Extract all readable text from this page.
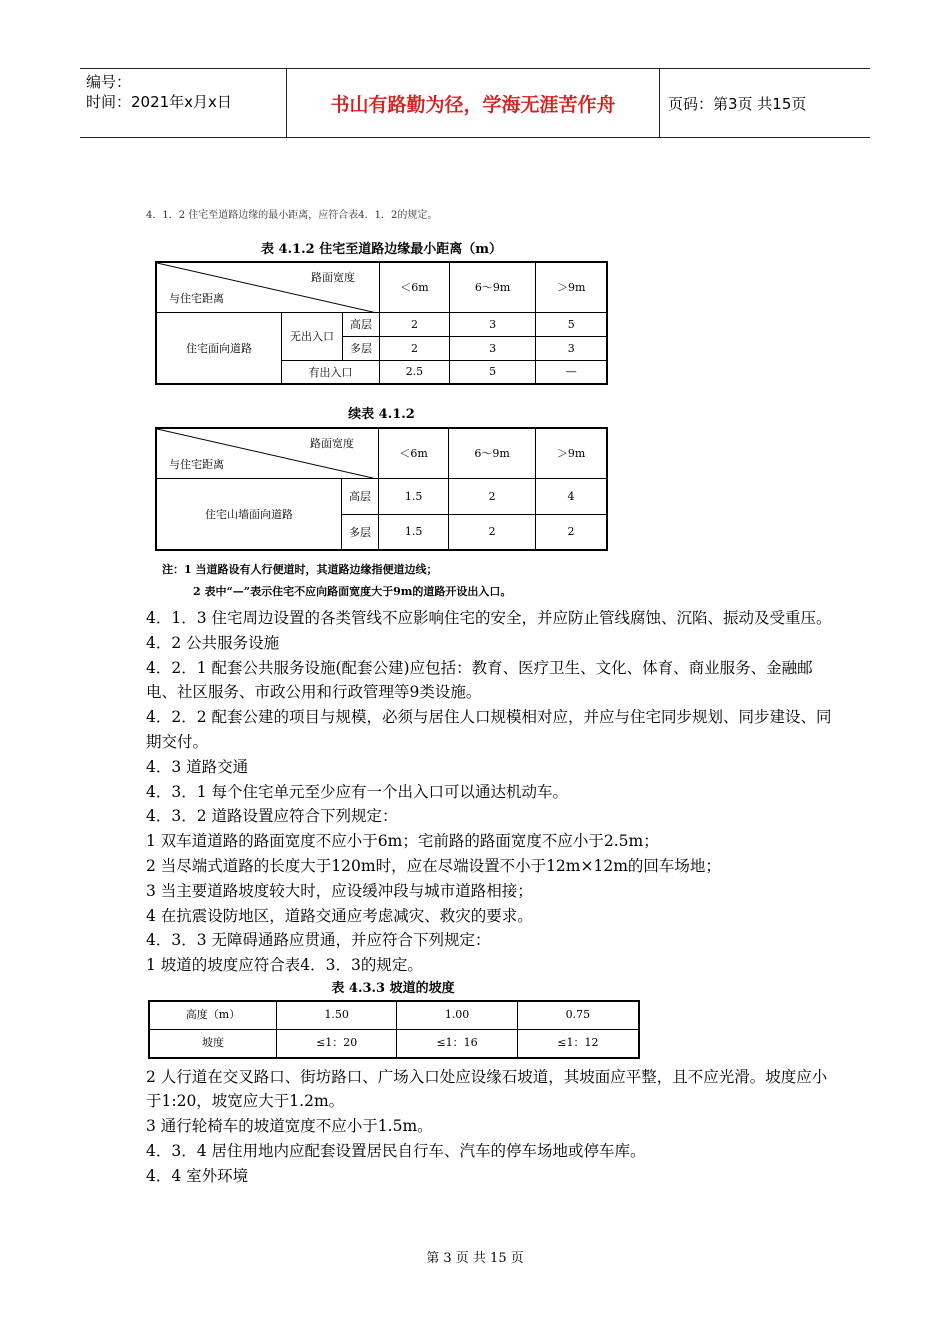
编号：
时间：2021年x月x日	书山有路勤为径，学海无涯苦作舟	页码：第3页 共15页
4．1．2 住宅至道路边缘的最小距离，应符合表4．1．2的规定。
表 4.1.2 住宅至道路边缘最小距离（m）
路面宽度
与住宅距离			＜6m	6～9m	＞9m
住宅面向道路	无出入口	高层	2	3	5
		多层	2	3	3
	有出入口		2.5	5	—
续表 4.1.2
路面宽度
与住宅距离		＜6m	6～9m	＞9m
住宅山墙面向道路	高层	1.5	2	4
	多层	1.5	2	2
注：1 当道路设有人行便道时，其道路边缘指便道边线；
2 表中“—”表示住宅不应向路面宽度大于9m的道路开设出入口。

4．1．3 住宅周边设置的各类管线不应影响住宅的安全，并应防止管线腐蚀、沉陷、振动及受重压。

4．2 公共服务设施

4．2．1 配套公共服务设施(配套公建)应包括：教育、医疗卫生、文化、体育、商业服务、金融邮电、社区服务、市政公用和行政管理等9类设施。

4．2．2 配套公建的项目与规模，必须与居住人口规模相对应，并应与住宅同步规划、同步建设、同期交付。

4．3 道路交通

4．3．1 每个住宅单元至少应有一个出入口可以通达机动车。

4．3．2 道路设置应符合下列规定：

1 双车道道路的路面宽度不应小于6m；宅前路的路面宽度不应小于2.5m；

2 当尽端式道路的长度大于120m时，应在尽端设置不小于12m×12m的回车场地；

3 当主要道路坡度较大时，应设缓冲段与城市道路相接；

4 在抗震设防地区，道路交通应考虑减灾、救灾的要求。

4．3．3 无障碍通路应贯通，并应符合下列规定：

1 坡道的坡度应符合表4．3．3的规定。

表 4.3.3 坡道的坡度
高度（m）	1.50	1.00	0.75
坡度	≤1：20	≤1：16	≤1：12

2 人行道在交叉路口、街坊路口、广场入口处应设缘石坡道，其坡面应平整，且不应光滑。坡度应小于1:20，坡宽应大于1.2m。

3 通行轮椅车的坡道宽度不应小于1.5m。

4．3．4 居住用地内应配套设置居民自行车、汽车的停车场地或停车库。

4．4 室外环境

第 3 页 共 15 页
